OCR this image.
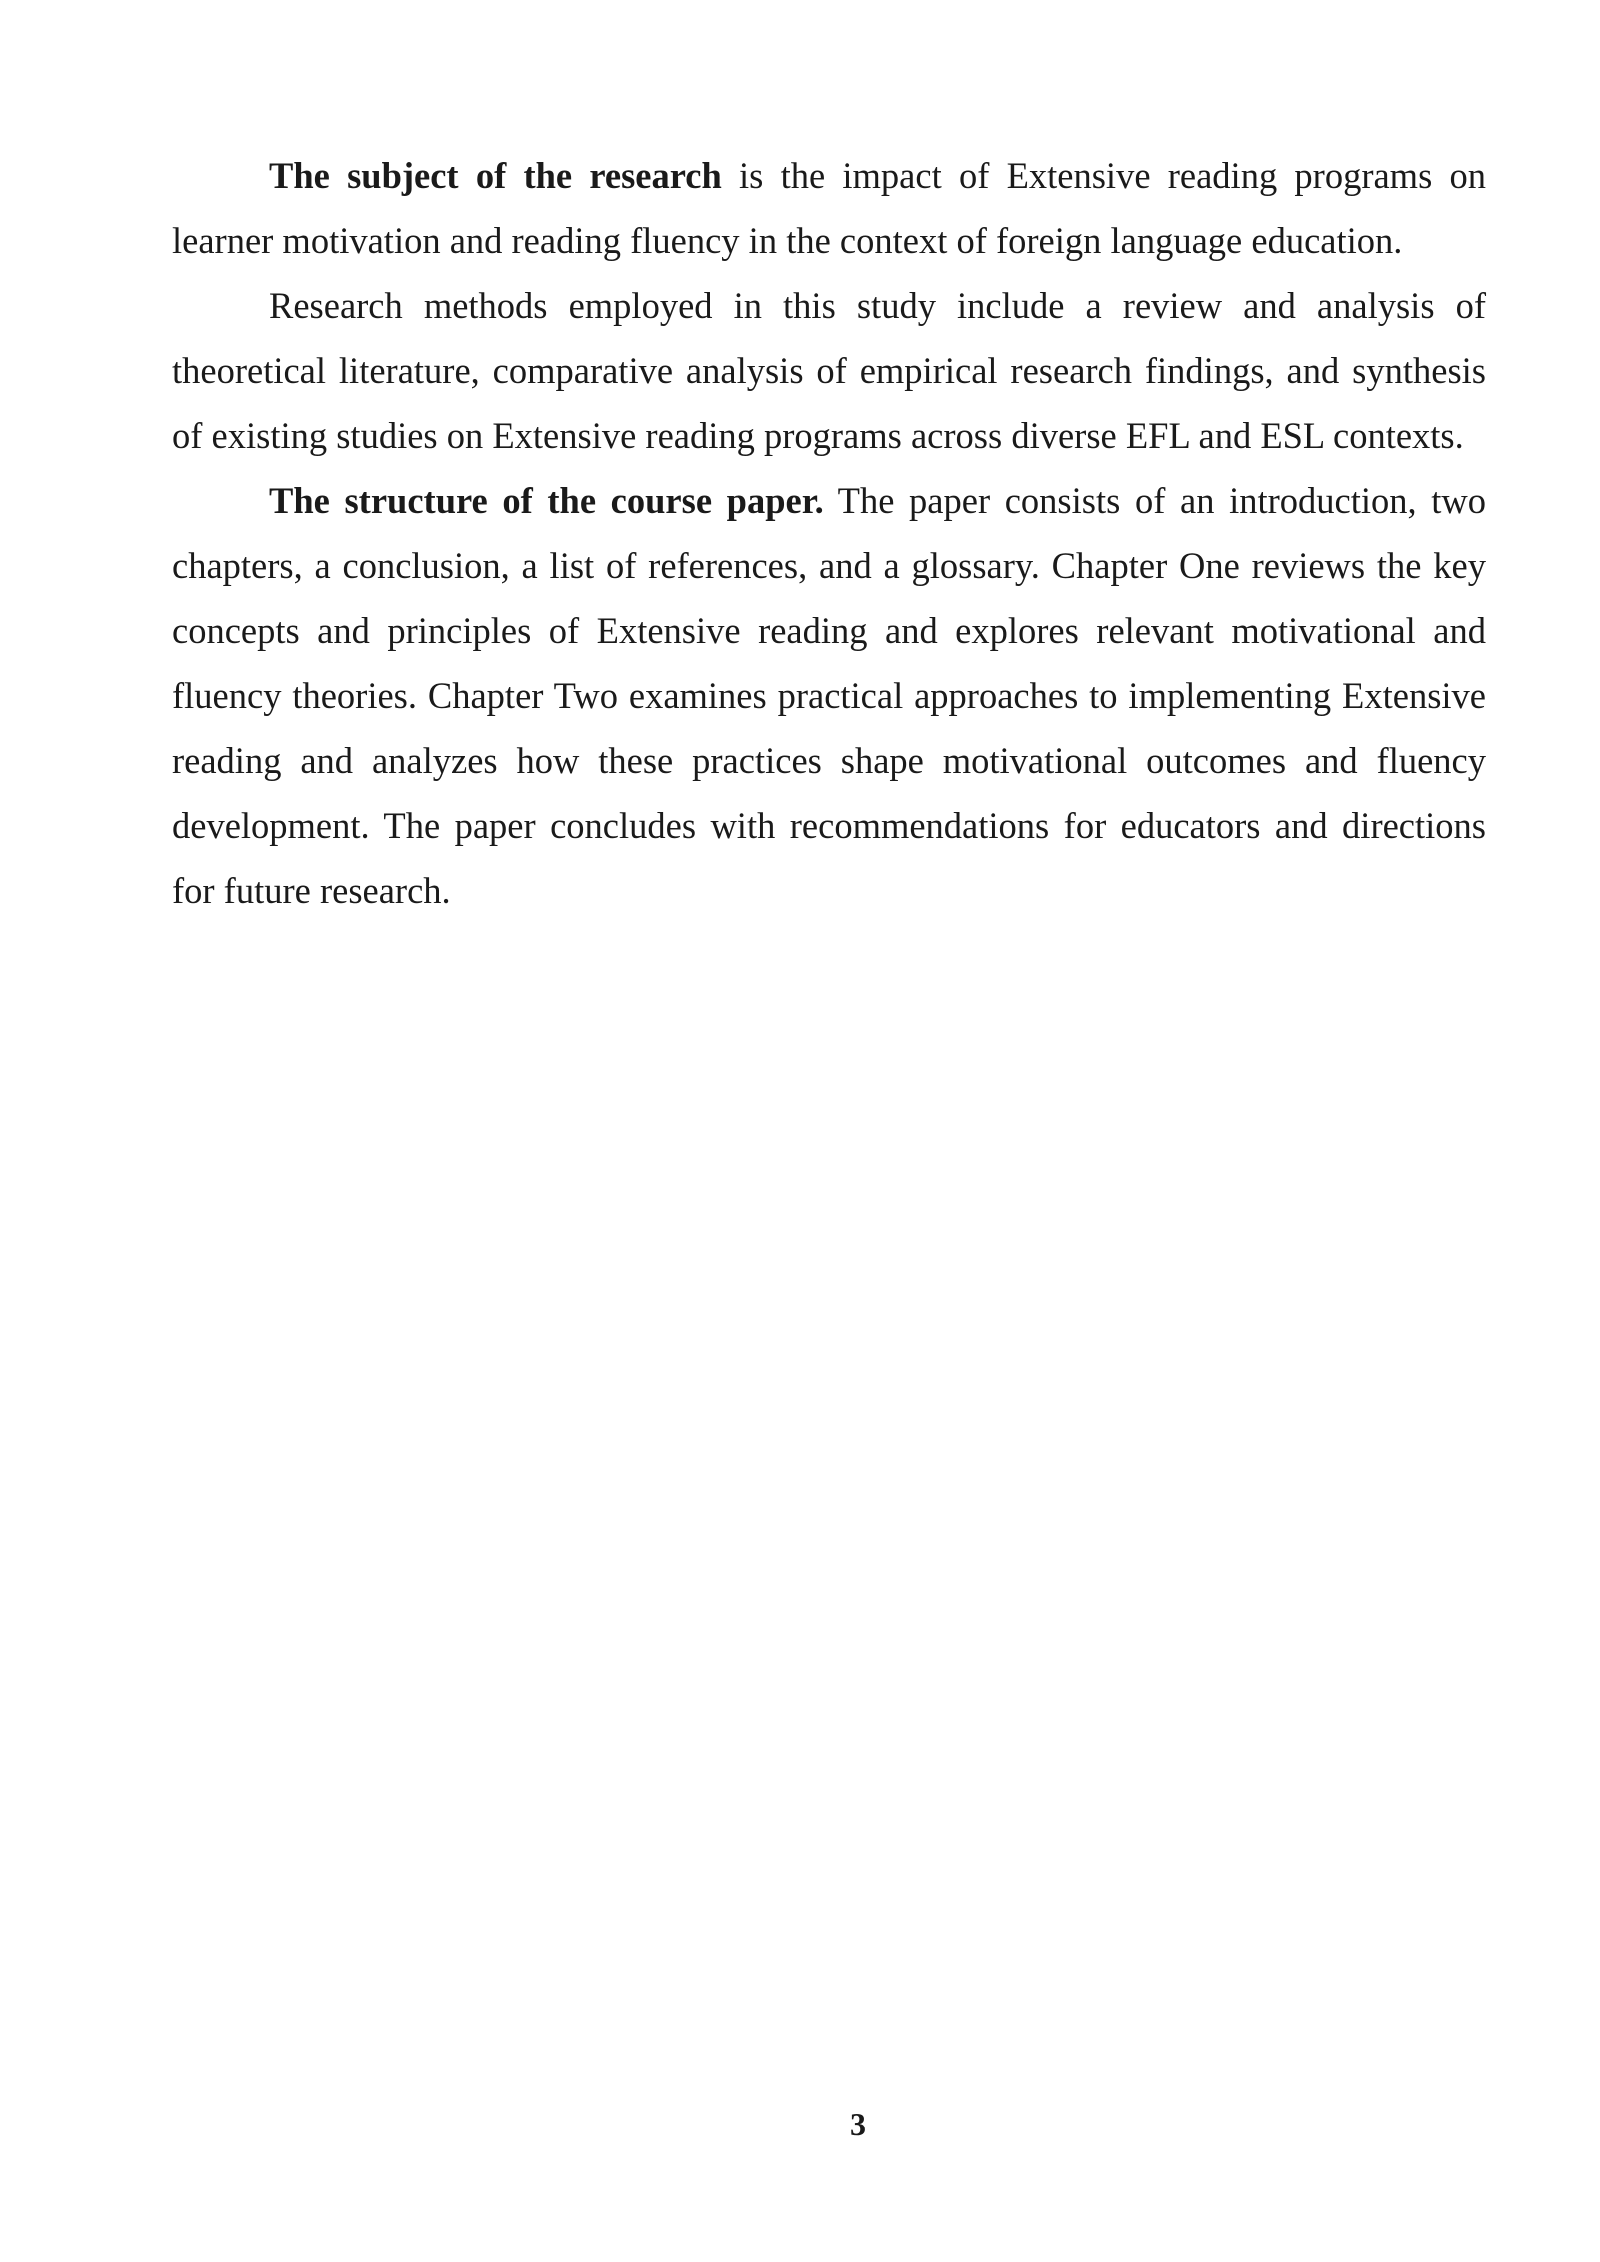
The subject of the research is the impact of Extensive reading programs on learner motivation and reading fluency in the context of foreign language education.

Research methods employed in this study include a review and analysis of theoretical literature, comparative analysis of empirical research findings, and synthesis of existing studies on Extensive reading programs across diverse EFL and ESL contexts.

The structure of the course paper. The paper consists of an introduction, two chapters, a conclusion, a list of references, and a glossary. Chapter One reviews the key concepts and principles of Extensive reading and explores relevant motivational and fluency theories. Chapter Two examines practical approaches to implementing Extensive reading and analyzes how these practices shape motivational outcomes and fluency development. The paper concludes with recommendations for educators and directions for future research.

3
